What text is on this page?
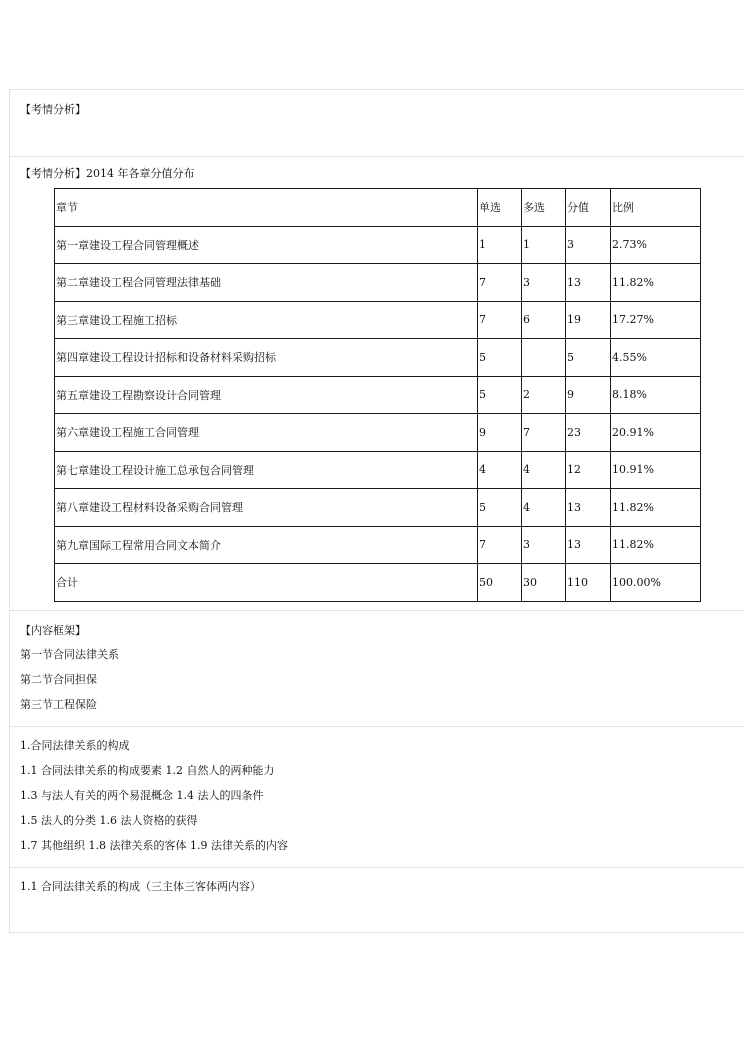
【考情分析】
【考情分析】2014 年各章分值分布
章节	单选	多选	分值	比例
第一章建设工程合同管理概述	1	1	3	2.73%
第二章建设工程合同管理法律基础	7	3	13	11.82%
第三章建设工程施工招标	7	6	19	17.27%
第四章建设工程设计招标和设备材料采购招标	5		5	4.55%
第五章建设工程勘察设计合同管理	5	2	9	8.18%
第六章建设工程施工合同管理	9	7	23	20.91%
第七章建设工程设计施工总承包合同管理	4	4	12	10.91%
第八章建设工程材料设备采购合同管理	5	4	13	11.82%
第九章国际工程常用合同文本简介	7	3	13	11.82%
合计	50	30	110	100.00%
【内容框架】
第一节合同法律关系
第二节合同担保
第三节工程保险
1.合同法律关系的构成
1.1 合同法律关系的构成要素 1.2 自然人的两种能力
1.3 与法人有关的两个易混概念 1.4 法人的四条件
1.5 法人的分类 1.6 法人资格的获得
1.7 其他组织 1.8 法律关系的客体 1.9 法律关系的内容
1.1 合同法律关系的构成（三主体三客体两内容）
